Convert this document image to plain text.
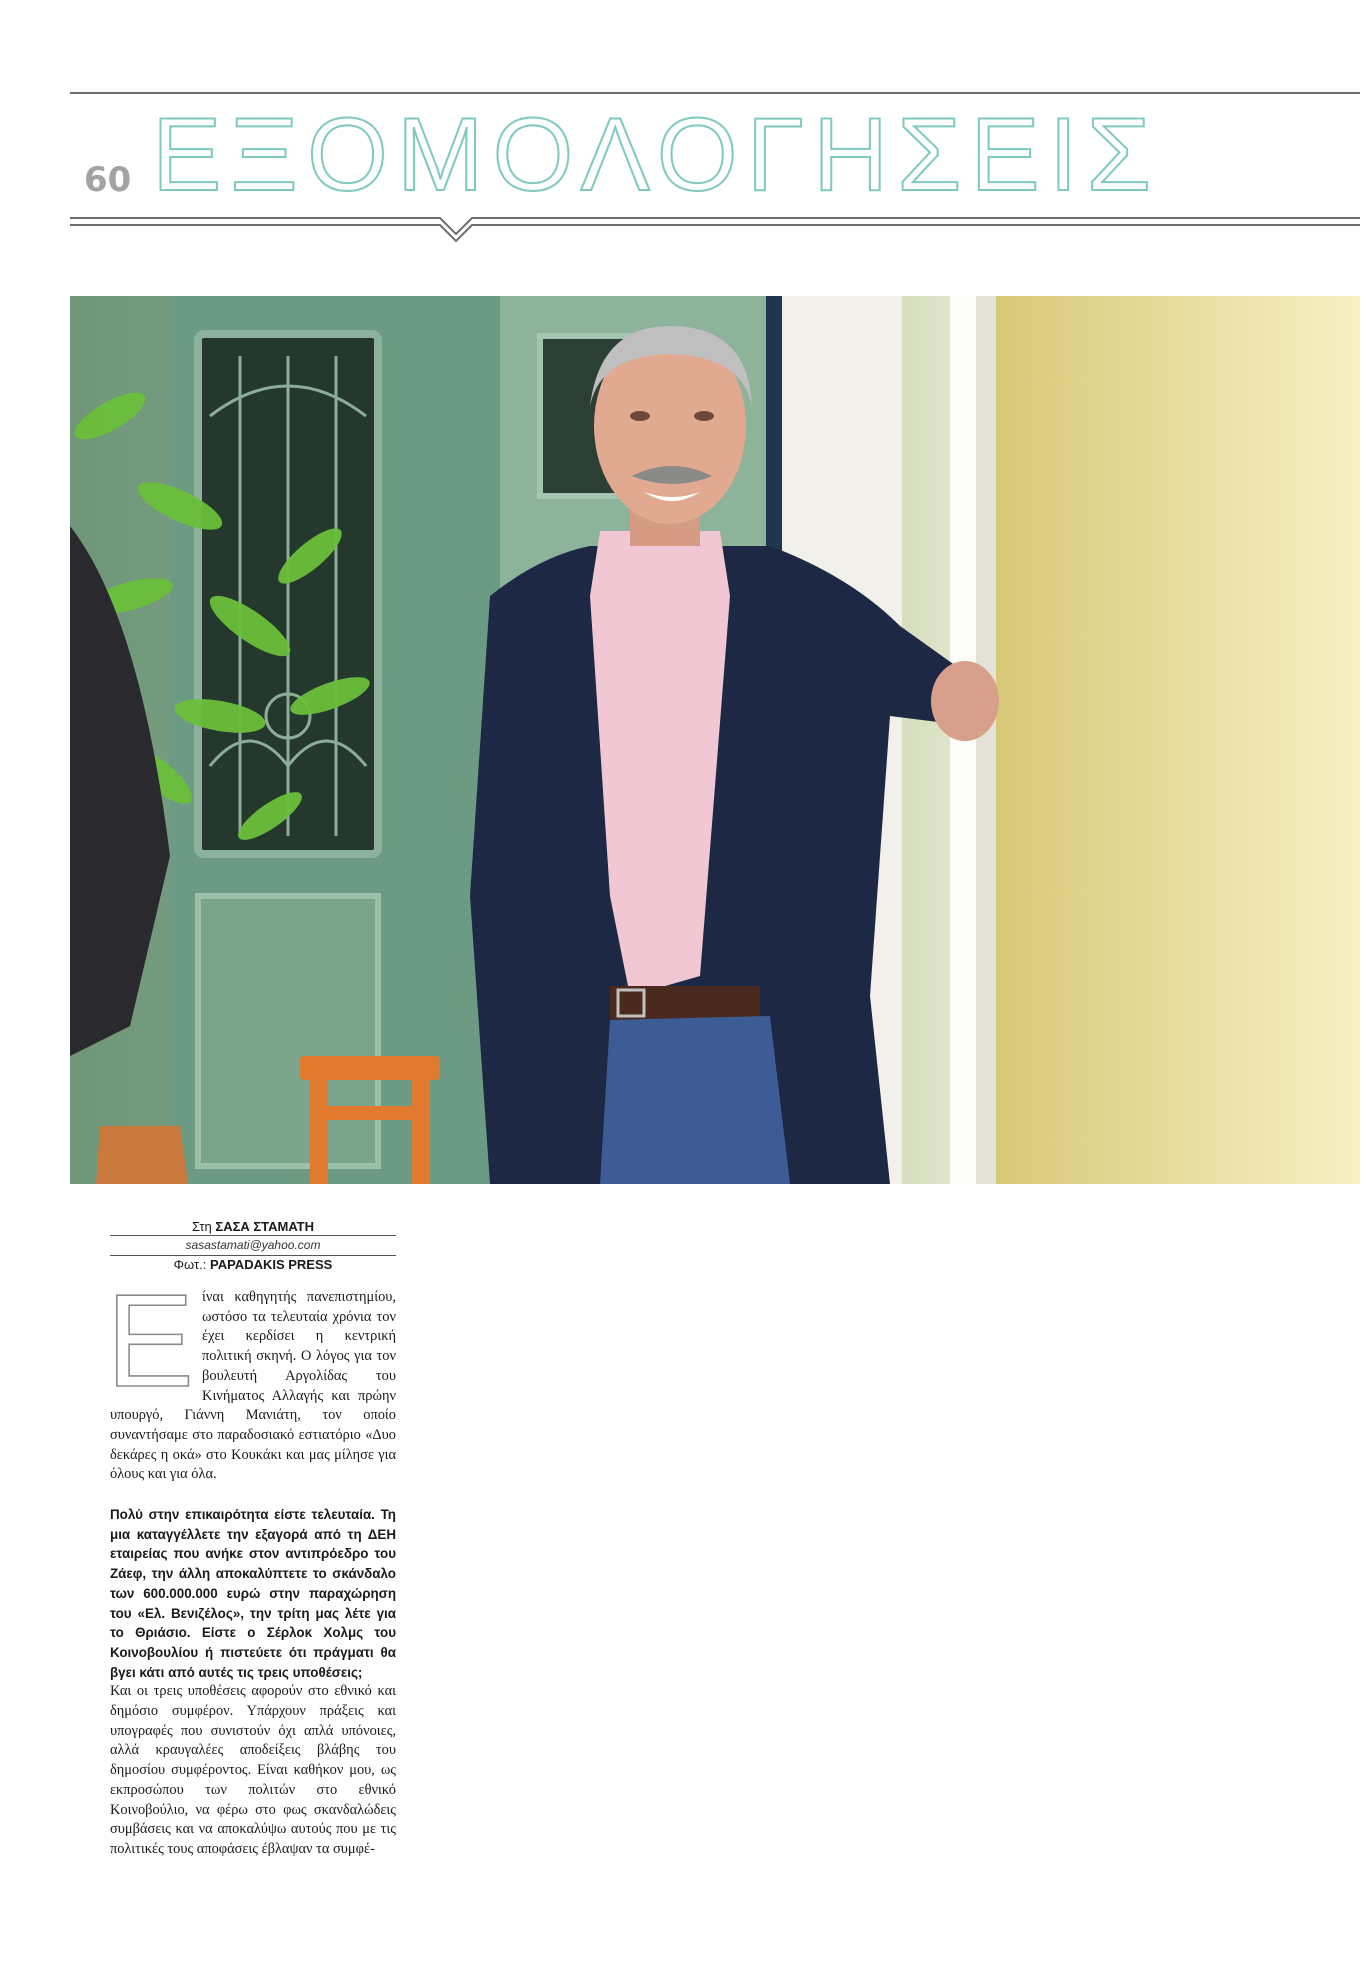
60 ΕΞΟΜΟΛΟΓΗΣΕΙΣ
Στη ΣΑΣΑ ΣΤΑΜΑΤΗ
sasastamati@yahoo.com
Φωτ.: PAPADAKIS PRESS

Είναι καθηγητής πανεπιστημίου, ωστόσο τα τελευταία χρόνια τον έχει κερδίσει η κεντρική πολιτική σκηνή. Ο λόγος για τον βουλευτή Αργολίδας του Κινήματος Αλλαγής και πρώην υπουργό, Γιάννη Μανιάτη, τον οποίο συναντήσαμε στο παραδοσιακό εστιατόριο «Δυο δεκάρες η οκά» στο Κουκάκι και μας μίλησε για όλους και για όλα.

Πολύ στην επικαιρότητα είστε τελευταία. Τη μια καταγγέλλετε την εξαγορά από τη ΔΕΗ εταιρείας που ανήκε στον αντιπρόεδρο του Ζάεφ, την άλλη αποκαλύπτετε το σκάνδαλο των 600.000.000 ευρώ στην παραχώρηση του «Ελ. Βενιζέλος», την τρίτη μας λέτε για το Θριάσιο. Είστε ο Σέρλοκ Χολμς του Κοινοβουλίου ή πιστεύετε ότι πράγματι θα βγει κάτι από αυτές τις τρεις υποθέσεις;

Και οι τρεις υποθέσεις αφορούν στο εθνικό και δημόσιο συμφέρον. Υπάρχουν πράξεις και υπογραφές που συνιστούν όχι απλά υπόνοιες, αλλά κραυγαλέες αποδείξεις βλάβης του δημοσίου συμφέροντος. Είναι καθήκον μου, ως εκπροσώπου των πολιτών στο εθνικό Κοινοβούλιο, να φέρω στο φως σκανδαλώδεις συμβάσεις και να αποκαλύψω αυτούς που με τις πολιτικές τους αποφάσεις έβλαψαν τα συμφέ-
